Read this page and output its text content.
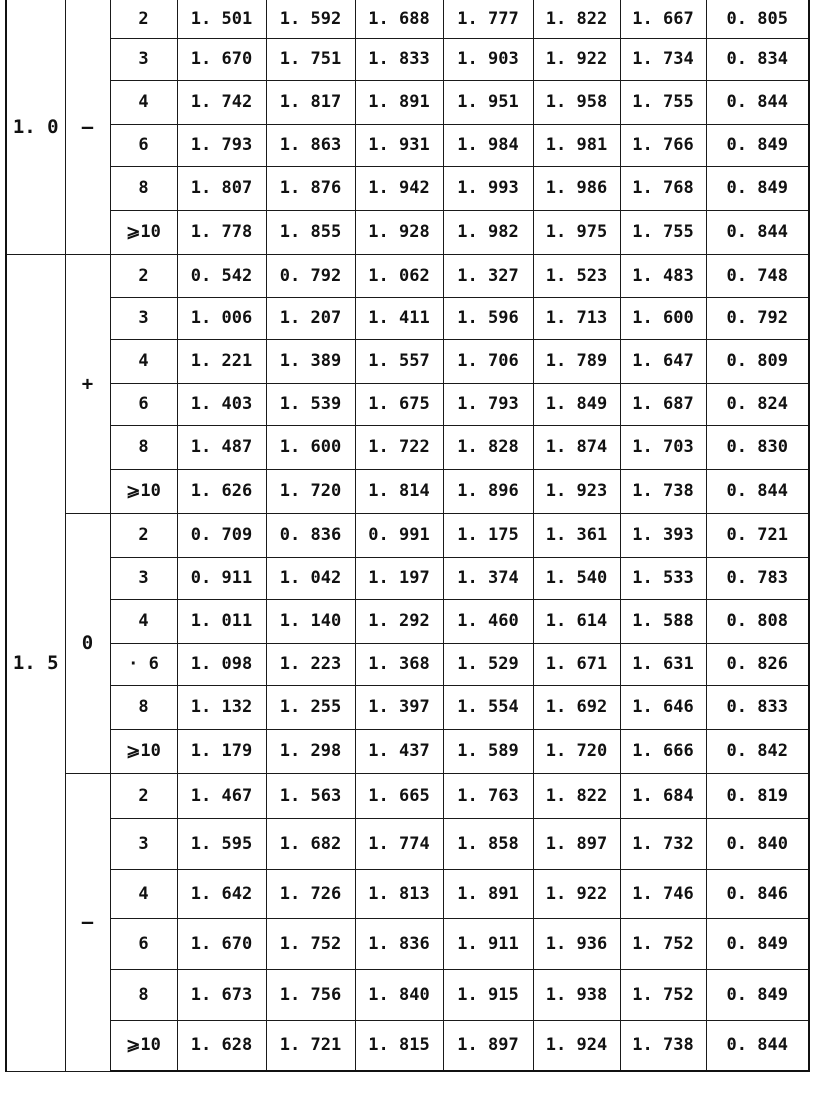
1. 0	—	2	1. 501	1. 592	1. 688	1. 777	1. 822	1. 667	0. 805
		3	1. 670	1. 751	1. 833	1. 903	1. 922	1. 734	0. 834
		4	1. 742	1. 817	1. 891	1. 951	1. 958	1. 755	0. 844
		6	1. 793	1. 863	1. 931	1. 984	1. 981	1. 766	0. 849
		8	1. 807	1. 876	1. 942	1. 993	1. 986	1. 768	0. 849
		⩾10	1. 778	1. 855	1. 928	1. 982	1. 975	1. 755	0. 844
1. 5	+	2	0. 542	0. 792	1. 062	1. 327	1. 523	1. 483	0. 748
		3	1. 006	1. 207	1. 411	1. 596	1. 713	1. 600	0. 792
		4	1. 221	1. 389	1. 557	1. 706	1. 789	1. 647	0. 809
		6	1. 403	1. 539	1. 675	1. 793	1. 849	1. 687	0. 824
		8	1. 487	1. 600	1. 722	1. 828	1. 874	1. 703	0. 830
		⩾10	1. 626	1. 720	1. 814	1. 896	1. 923	1. 738	0. 844
	0	2	0. 709	0. 836	0. 991	1. 175	1. 361	1. 393	0. 721
		3	0. 911	1. 042	1. 197	1. 374	1. 540	1. 533	0. 783
		4	1. 011	1. 140	1. 292	1. 460	1. 614	1. 588	0. 808
		· 6	1. 098	1. 223	1. 368	1. 529	1. 671	1. 631	0. 826
		8	1. 132	1. 255	1. 397	1. 554	1. 692	1. 646	0. 833
		⩾10	1. 179	1. 298	1. 437	1. 589	1. 720	1. 666	0. 842
	—	2	1. 467	1. 563	1. 665	1. 763	1. 822	1. 684	0. 819
		3	1. 595	1. 682	1. 774	1. 858	1. 897	1. 732	0. 840
		4	1. 642	1. 726	1. 813	1. 891	1. 922	1. 746	0. 846
		6	1. 670	1. 752	1. 836	1. 911	1. 936	1. 752	0. 849
		8	1. 673	1. 756	1. 840	1. 915	1. 938	1. 752	0. 849
		⩾10	1. 628	1. 721	1. 815	1. 897	1. 924	1. 738	0. 844
